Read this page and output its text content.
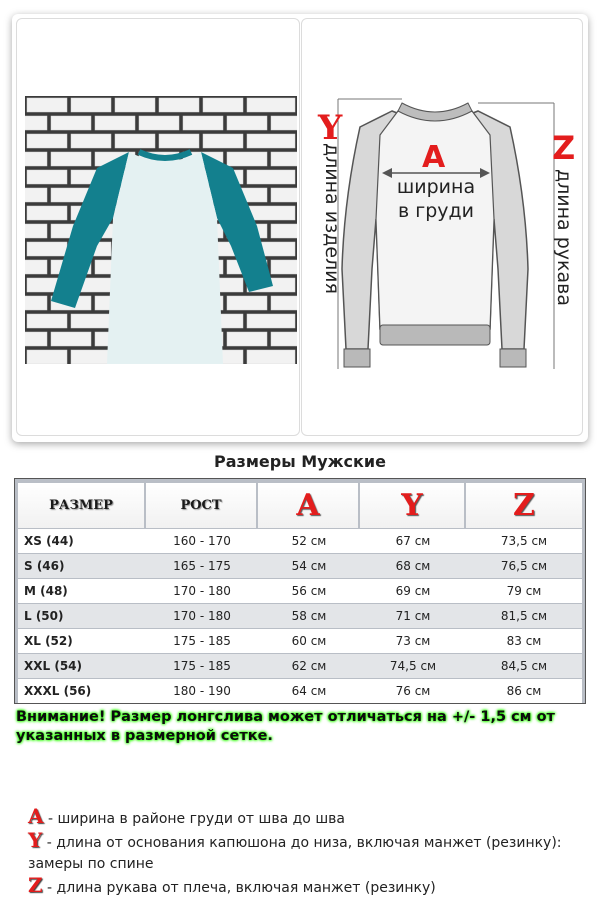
Y
A	Z
ширина
в груди
длина изделия	длина рукава
Размеры Мужские
РАЗМЕР	РОСТ	A	Y	Z
XS (44)	160 - 170	52 см	67 см	73,5 см
S (46)	165 - 175	54 см	68 см	76,5 см
M (48)	170 - 180	56 см	69 см	79 см
L (50)	170 - 180	58 см	71 см	81,5 см
XL (52)	175 - 185	60 см	73 см	83 см
XXL (54)	175 - 185	62 см	74,5 см	84,5 см
XXXL (56)	180 - 190	64 см	76 см	86 см
Внимание! Размер лонгслива может отличаться на +/- 1,5 см от указанных в размерной сетке.
A - ширина в районе груди от шва до шва
Y - длина от основания капюшона до низа, включая манжет (резинку): замеры по спине
Z - длина рукава от плеча, включая манжет (резинку)
